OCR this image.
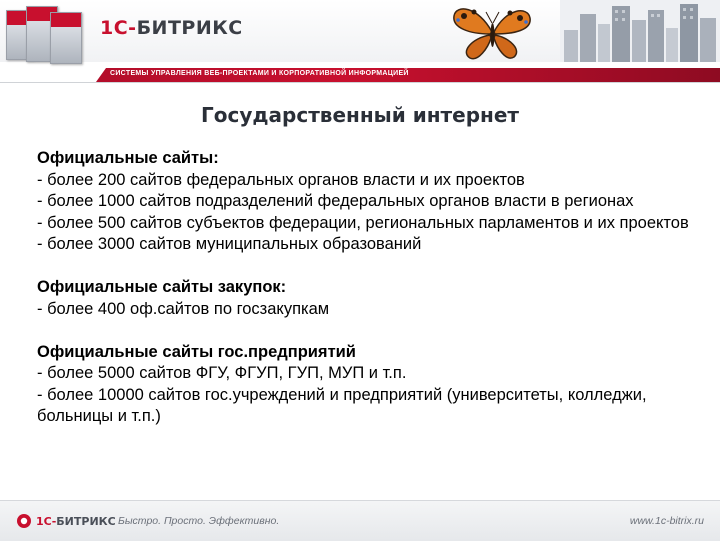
1С-БИТРИКС
СИСТЕМЫ УПРАВЛЕНИЯ ВЕБ-ПРОЕКТАМИ И КОРПОРАТИВНОЙ ИНФОРМАЦИЕЙ
Государственный интернет
Официальные сайты:
- более 200 сайтов федеральных органов власти и их проектов
- более 1000 сайтов подразделений федеральных органов власти в регионах
- более 500 сайтов субъектов федерации, региональных парламентов и их проектов
- более 3000 сайтов муниципальных образований
Официальные сайты закупок:
- более 400 оф.сайтов по госзакупкам
Официальные сайты гос.предприятий
- более 5000 сайтов ФГУ, ФГУП, ГУП, МУП и т.п.
- более 10000 сайтов гос.учреждений и предприятий (университеты, колледжи, больницы и т.п.)
1С-БИТРИКС Быстро. Просто. Эффективно.	www.1c-bitrix.ru
